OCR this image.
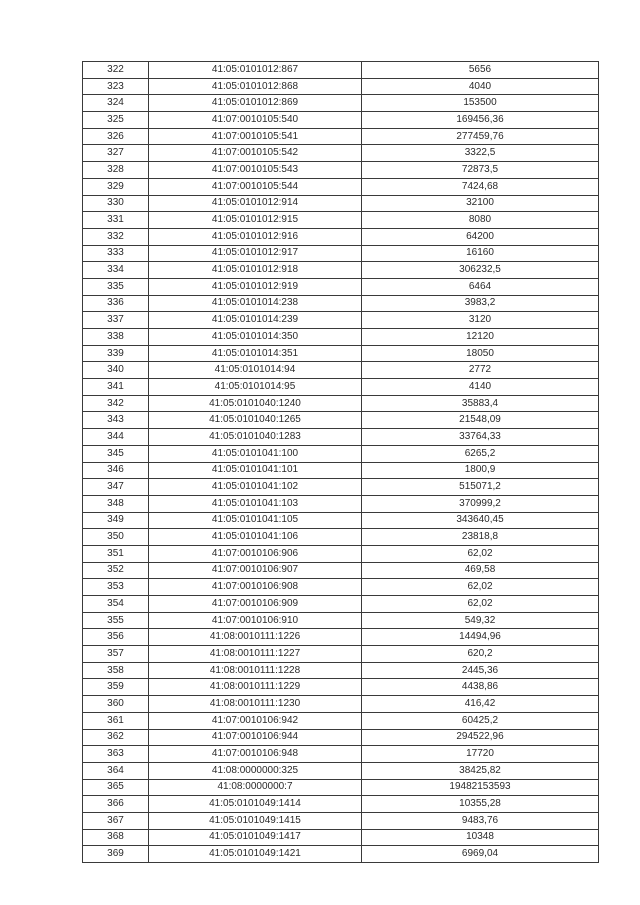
322	41:05:0101012:867	5656
323	41:05:0101012:868	4040
324	41:05:0101012:869	153500
325	41:07:0010105:540	169456,36
326	41:07:0010105:541	277459,76
327	41:07:0010105:542	3322,5
328	41:07:0010105:543	72873,5
329	41:07:0010105:544	7424,68
330	41:05:0101012:914	32100
331	41:05:0101012:915	8080
332	41:05:0101012:916	64200
333	41:05:0101012:917	16160
334	41:05:0101012:918	306232,5
335	41:05:0101012:919	6464
336	41:05:0101014:238	3983,2
337	41:05:0101014:239	3120
338	41:05:0101014:350	12120
339	41:05:0101014:351	18050
340	41:05:0101014:94	2772
341	41:05:0101014:95	4140
342	41:05:0101040:1240	35883,4
343	41:05:0101040:1265	21548,09
344	41:05:0101040:1283	33764,33
345	41:05:0101041:100	6265,2
346	41:05:0101041:101	1800,9
347	41:05:0101041:102	515071,2
348	41:05:0101041:103	370999,2
349	41:05:0101041:105	343640,45
350	41:05:0101041:106	23818,8
351	41:07:0010106:906	62,02
352	41:07:0010106:907	469,58
353	41:07:0010106:908	62,02
354	41:07:0010106:909	62,02
355	41:07:0010106:910	549,32
356	41:08:0010111:1226	14494,96
357	41:08:0010111:1227	620,2
358	41:08:0010111:1228	2445,36
359	41:08:0010111:1229	4438,86
360	41:08:0010111:1230	416,42
361	41:07:0010106:942	60425,2
362	41:07:0010106:944	294522,96
363	41:07:0010106:948	17720
364	41:08:0000000:325	38425,82
365	41:08:0000000:7	19482153593
366	41:05:0101049:1414	10355,28
367	41:05:0101049:1415	9483,76
368	41:05:0101049:1417	10348
369	41:05:0101049:1421	6969,04
